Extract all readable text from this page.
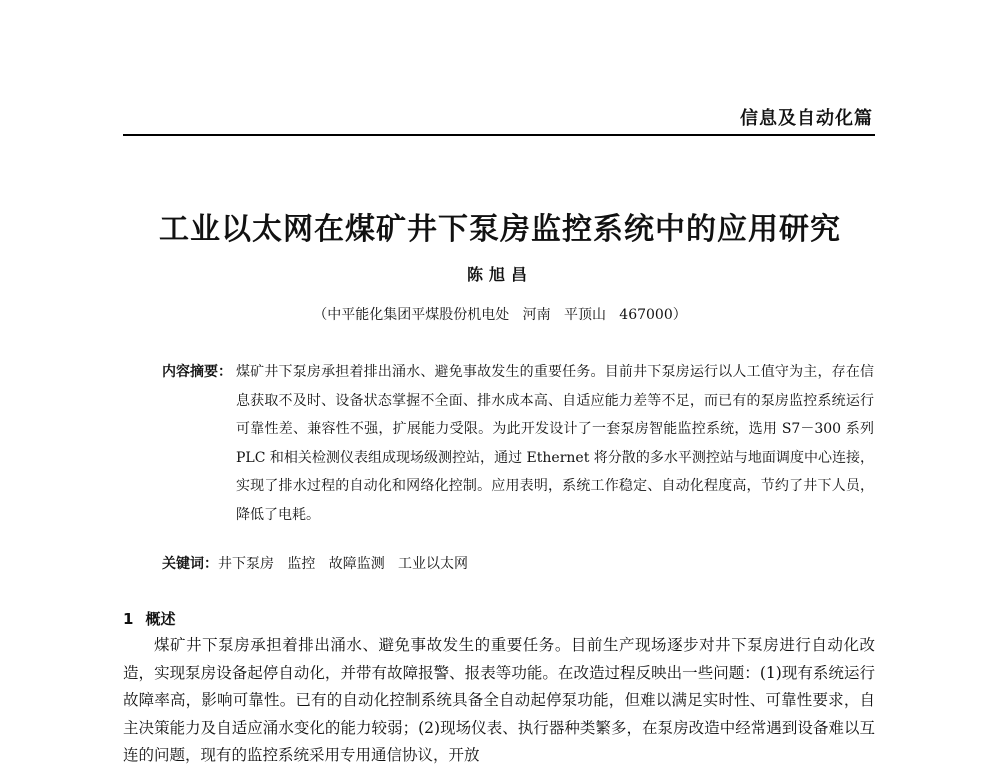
信息及自动化篇
工业以太网在煤矿井下泵房监控系统中的应用研究
陈旭昌
（中平能化集团平煤股份机电处   河南   平顶山   467000）
内容摘要： 煤矿井下泵房承担着排出涌水、避免事故发生的重要任务。目前井下泵房运行以人工值守为主，存在信息获取不及时、设备状态掌握不全面、排水成本高、自适应能力差等不足，而已有的泵房监控系统运行可靠性差、兼容性不强，扩展能力受限。为此开发设计了一套泵房智能监控系统，选用 S7－300 系列 PLC 和相关检测仪表组成现场级测控站，通过 Ethernet 将分散的多水平测控站与地面调度中心连接，实现了排水过程的自动化和网络化控制。应用表明，系统工作稳定、自动化程度高，节约了井下人员，降低了电耗。
关键词：井下泵房   监控   故障监测   工业以太网
1 概述
煤矿井下泵房承担着排出涌水、避免事故发生的重要任务。目前生产现场逐步对井下泵房进行自动化改造，实现泵房设备起停自动化，并带有故障报警、报表等功能。在改造过程反映出一些问题：(1)现有系统运行故障率高，影响可靠性。已有的自动化控制系统具备全自动起停泵功能，但难以满足实时性、可靠性要求，自主决策能力及自适应涌水变化的能力较弱；(2)现场仪表、执行器种类繁多，在泵房改造中经常遇到设备难以互连的问题，现有的监控系统采用专用通信协议，开放
